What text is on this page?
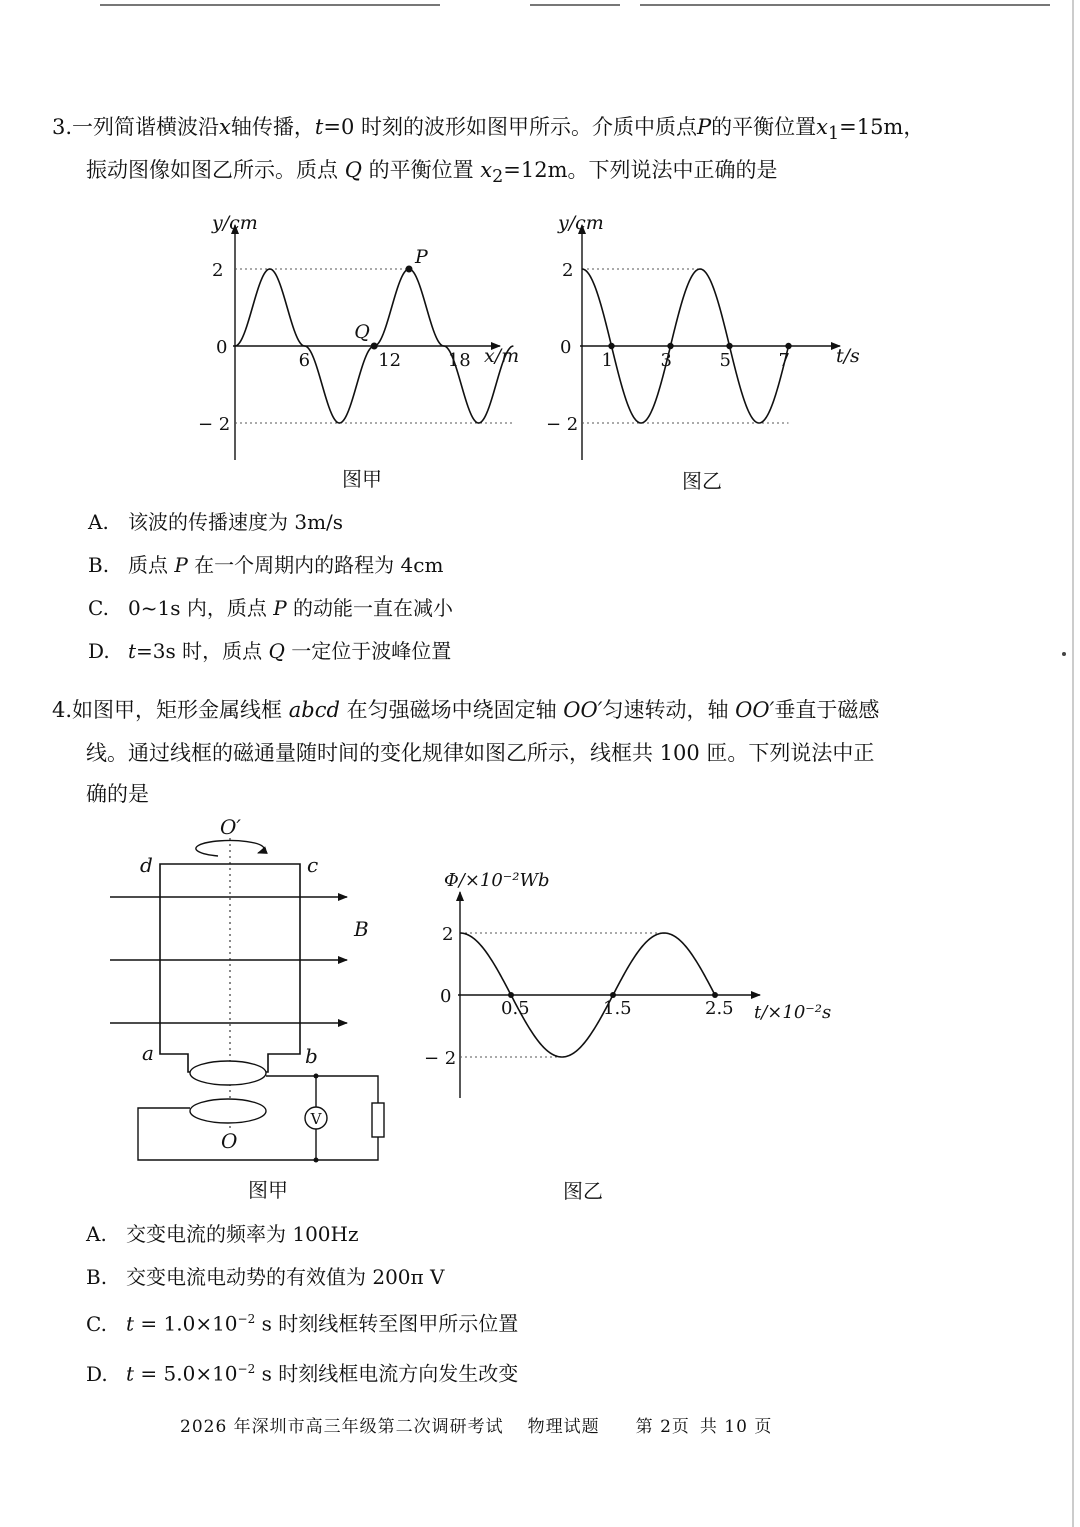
3.一列简谐横波沿x轴传播，t=0 时刻的波形如图甲所示。介质中质点P的平衡位置$x_1=15m$，
振动图像如图乙所示。质点 Q 的平衡位置 $x_2=12m$。下列说法中正确的是
6	12	18
2
0
− 2
x/m
y/cm
P
Q
图甲
1	3	5	7
2
0
− 2
t/s
y/cm
图乙
A. 该波的传播速度为 3m/s
B. 质点 P 在一个周期内的路程为 4cm
C. 0~1s 内，质点 P 的动能一直在减小
D. t=3s 时，质点 Q 一定位于波峰位置
4.如图甲，矩形金属线框 abcd 在匀强磁场中绕固定轴 OO′匀速转动，轴 OO′垂直于磁感
线。通过线框的磁通量随时间的变化规律如图乙所示，线框共 100 匝。下列说法中正
确的是
V
O′
d	c
B
a	b
O
图甲
0.5	1.5	2.5
2
0
− 2
t/×10⁻²s
Φ/×10⁻²Wb
图乙
A. 交变电流的频率为 100Hz
B. 交变电流电动势的有效值为 200π V
C. $t = 1.0\times 10^{-2}$ s 时刻线框转至图甲所示位置
D. $t = 5.0\times 10^{-2}$ s 时刻线框电流方向发生改变
2026 年深圳市高三年级第二次调研考试 物理试题 第 2页 共 10 页
